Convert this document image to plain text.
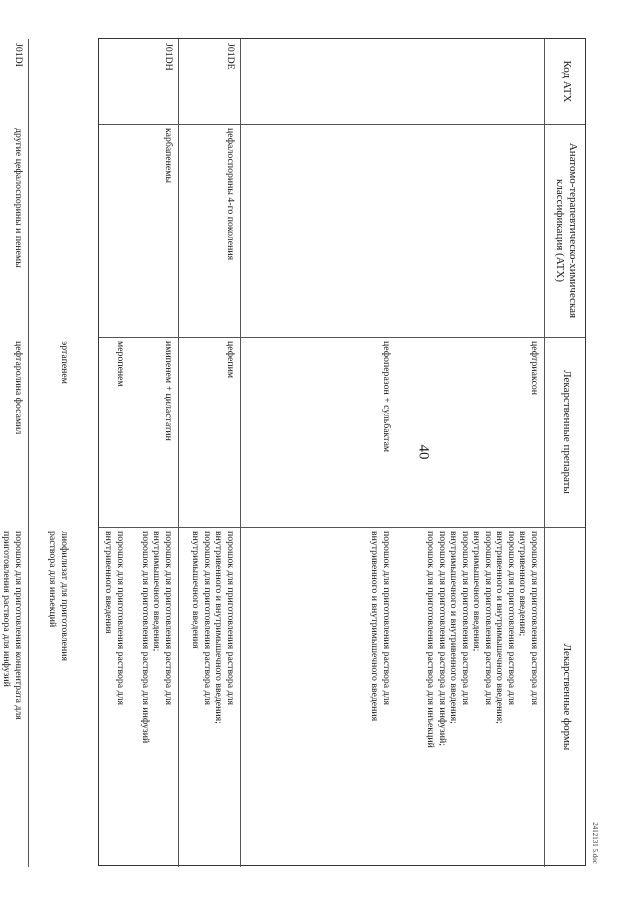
40
Код АТХ
Анатомо-терапевтическо-химическая
классификация (АТХ)
Лекарственные препараты
Лекарственные формы
цефтриаксон
порошок для приготовления раствора для
внутривенного введения;
порошок для приготовления раствора для
внутривенного и внутримышечного введения;
порошок для приготовления раствора для
внутримышечного введения;
порошок для приготовления раствора для
внутримышечного и внутривенного введения;
порошок для приготовления раствора для инфузий;
порошок для приготовления раствора для инъекций
цефоперазон + сульбактам
порошок для приготовления раствора для
внутривенного и внутримышечного введения
J01DE
цефалоспорины 4-го поколения
цефепим
порошок для приготовления раствора для
внутривенного и внутримышечного введения;
порошок для приготовления раствора для
внутримышечного введения
J01DH
карбапенемы
имипенем + циластатин
порошок для приготовления раствора для
внутримышечного введения;
порошок для приготовления раствора для инфузий
меропенем
порошок для приготовления раствора для
внутривенного введения
эртапенем
лиофилизат для приготовления
раствора для инъекций
J01DI
другие цефалоспорины и пенемы
цефтаролина фосамил
порошок для приготовления концентрата для
приготовления раствора для инфузий
2412131 5.doc
